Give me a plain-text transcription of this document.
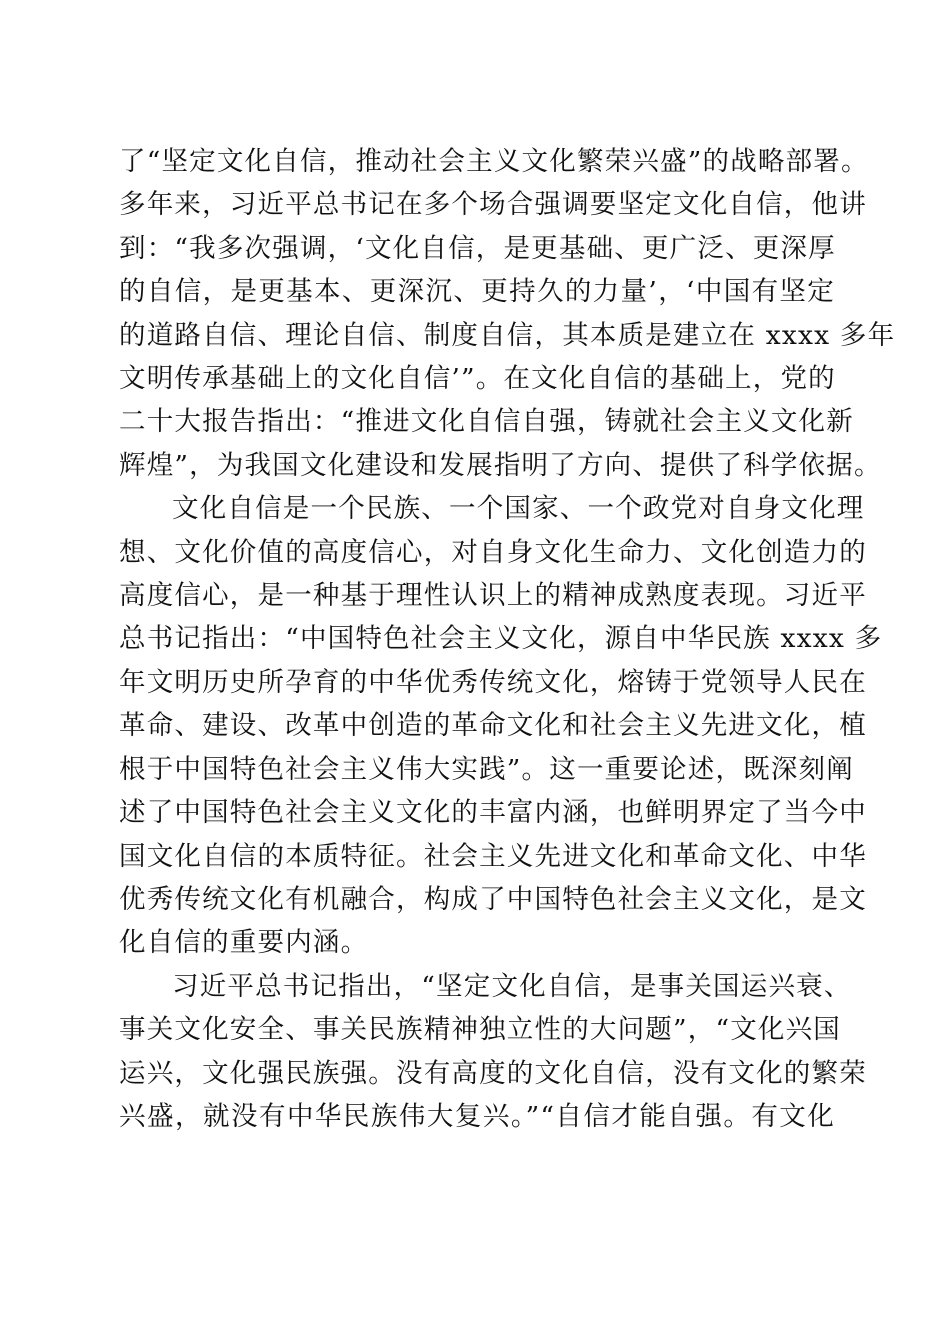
了“坚定文化自信，推动社会主义文化繁荣兴盛”的战略部署。
多年来，习近平总书记在多个场合强调要坚定文化自信，他讲
到：“我多次强调，‘文化自信，是更基础、更广泛、更深厚
的自信，是更基本、更深沉、更持久的力量’，‘中国有坚定
的道路自信、理论自信、制度自信，其本质是建立在 xxxx 多年
文明传承基础上的文化自信’”。在文化自信的基础上，党的
二十大报告指出：“推进文化自信自强，铸就社会主义文化新
辉煌”，为我国文化建设和发展指明了方向、提供了科学依据。
文化自信是一个民族、一个国家、一个政党对自身文化理
想、文化价值的高度信心，对自身文化生命力、文化创造力的
高度信心，是一种基于理性认识上的精神成熟度表现。习近平
总书记指出：“中国特色社会主义文化，源自中华民族 xxxx 多
年文明历史所孕育的中华优秀传统文化，熔铸于党领导人民在
革命、建设、改革中创造的革命文化和社会主义先进文化，植
根于中国特色社会主义伟大实践”。这一重要论述，既深刻阐
述了中国特色社会主义文化的丰富内涵，也鲜明界定了当今中
国文化自信的本质特征。社会主义先进文化和革命文化、中华
优秀传统文化有机融合，构成了中国特色社会主义文化，是文
化自信的重要内涵。
习近平总书记指出，“坚定文化自信，是事关国运兴衰、
事关文化安全、事关民族精神独立性的大问题”，“文化兴国
运兴，文化强民族强。没有高度的文化自信，没有文化的繁荣
兴盛，就没有中华民族伟大复兴。”“自信才能自强。有文化
